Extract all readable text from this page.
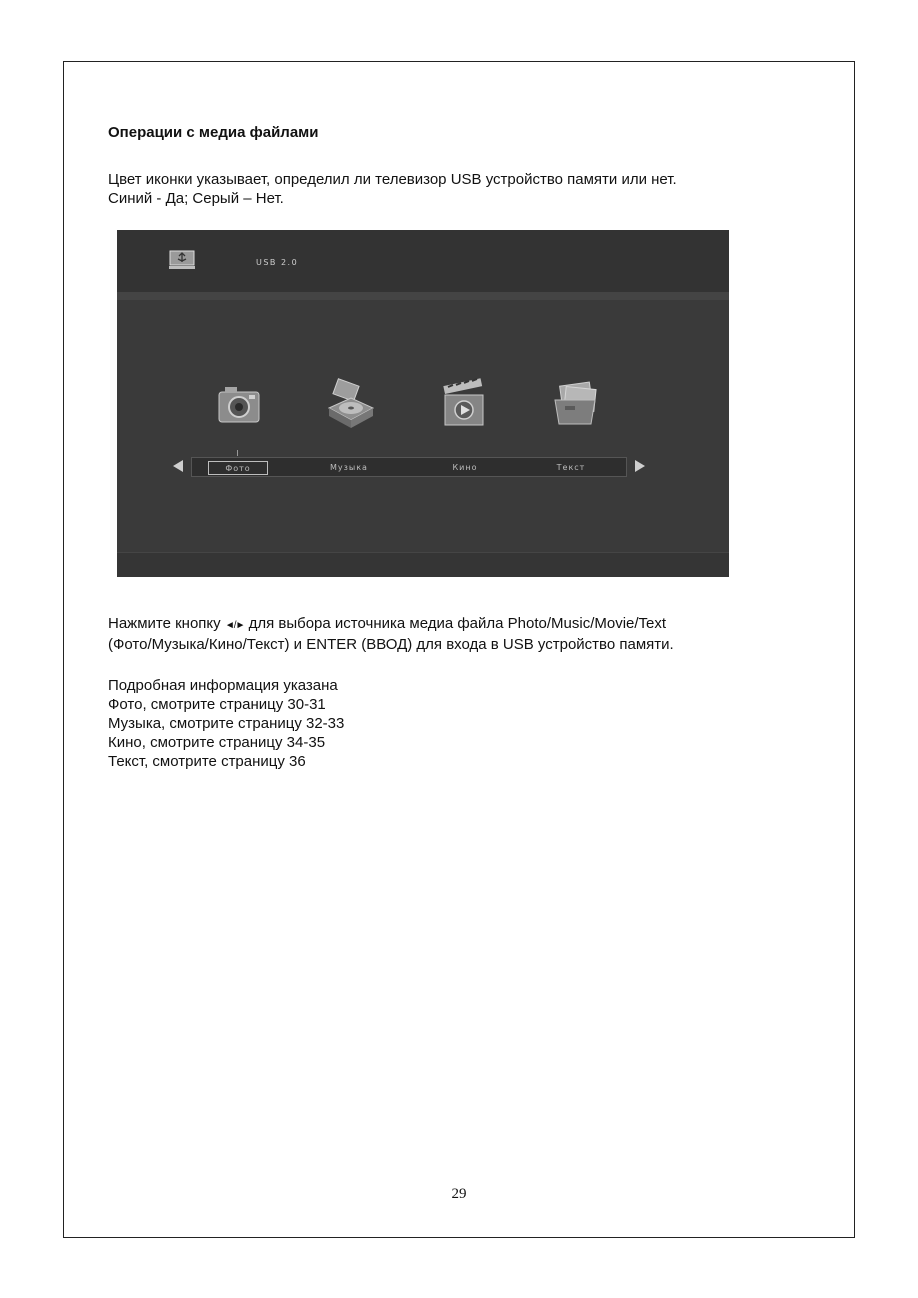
Операции с медиа файлами
Цвет иконки указывает, определил ли телевизор USB устройство памяти или нет.
Синий - Да; Серый – Нет.
USB 2.0
Фото	Музыка	Кино	Текст
Нажмите кнопку ◄/► для выбора источника медиа файла Photo/Music/Movie/Text
(Фото/Музыка/Кино/Текст) и ENTER (ВВОД) для входа в USB устройство памяти.
Подробная информация указана
Фото, смотрите страницу 30-31
Музыка, смотрите страницу 32-33
Кино, смотрите страницу 34-35
Текст, смотрите страницу 36
29
